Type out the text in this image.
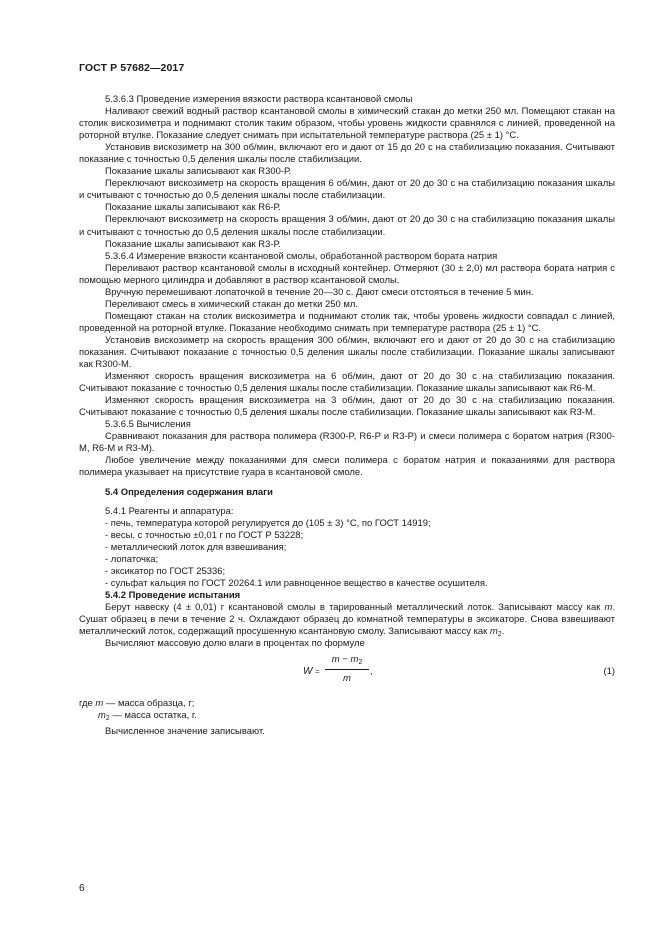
ГОСТ Р 57682—2017

5.3.6.3 Проведение измерения вязкости раствора ксантановой смолы

Наливают свежий водный раствор ксантановой смолы в химический стакан до метки 250 мл. Помещают стакан на столик вискозиметра и поднимают столик таким образом, чтобы уровень жидкости сравнялся с линией, проведенной на роторной втулке. Показание следует снимать при испытательной температуре раствора (25 ± 1) °С.

Установив вискозиметр на 300 об/мин, включают его и дают от 15 до 20 с на стабилизацию показания. Считывают показание с точностью 0,5 деления шкалы после стабилизации.

Показание шкалы записывают как R300-Р.

Переключают вискозиметр на скорость вращения 6 об/мин, дают от 20 до 30 с на стабилизацию показания шкалы и считывают с точностью до 0,5 деления шкалы после стабилизации.

Показание шкалы записывают как R6-Р.

Переключают вискозиметр на скорость вращения 3 об/мин, дают от 20 до 30 с на стабилизацию показания шкалы и считывают с точностью до 0,5 деления шкалы после стабилизации.

Показание шкалы записывают как R3-Р.

5.3.6.4 Измерение вязкости ксантановой смолы, обработанной раствором бората натрия

Переливают раствор ксантановой смолы в исходный контейнер. Отмеряют (30 ± 2,0) мл раствора бората натрия с помощью мерного цилиндра и добавляют в раствор ксантановой смолы.

Вручную перемешивают лопаточкой в течение 20—30 с. Дают смеси отстояться в течение 5 мин.

Переливают смесь в химический стакан до метки 250 мл.

Помещают стакан на столик вискозиметра и поднимают столик так, чтобы уровень жидкости совпадал с линией, проведенной на роторной втулке. Показание необходимо снимать при температуре раствора (25 ± 1) °С.

Установив вискозиметр на скорость вращения 300 об/мин, включают его и дают от 20 до 30 с на стабилизацию показания. Считывают показание с точностью 0,5 деления шкалы после стабилизации. Показание шкалы записывают как R300-M.

Изменяют скорость вращения вискозиметра на 6 об/мин, дают от 20 до 30 с на стабилизацию показания. Считывают показание с точностью 0,5 деления шкалы после стабилизации. Показание шкалы записывают как R6-M.

Изменяют скорость вращения вискозиметра на 3 об/мин, дают от 20 до 30 с на стабилизацию показания. Считывают показание с точностью 0,5 деления шкалы после стабилизации. Показание шкалы записывают как R3-M.

5.3.6.5 Вычисления

Сравнивают показания для раствора полимера (R300-P, R6-P и R3-P) и смеси полимера с боратом натрия (R300-M, R6-M и R3-M).

Любое увеличение между показаниями для смеси полимера с боратом натрия и показаниями для раствора полимера указывает на присутствие гуара в ксантановой смоле.

5.4 Определения содержания влаги

5.4.1 Реагенты и аппаратура:

- печь, температура которой регулируется до (105 ± 3) °С, по ГОСТ 14919;

- весы, с точностью ±0,01 г по ГОСТ Р 53228;

- металлический лоток для взвешивания;

- лопаточка;

- эксикатор по ГОСТ 25336;

- сульфат кальция по ГОСТ 20264.1 или равноценное вещество в качестве осушителя.

5.4.2 Проведение испытания

Берут навеску (4 ± 0,01) г ксантановой смолы в тарированный металлический лоток. Записывают массу как m. Сушат образец в печи в течение 2 ч. Охлаждают образец до комнатной температуры в эксикаторе. Снова взвешивают металлический лоток, содержащий просушенную ксантановую смолу. Записывают массу как $m_2$.

Вычисляют массовую долю влаги в процентах по формуле

W =
$m - m_2$
m
,	(1)

где m — масса образца, г;

$m_2$ — масса остатка, г.

Вычисленное значение записывают.

6
